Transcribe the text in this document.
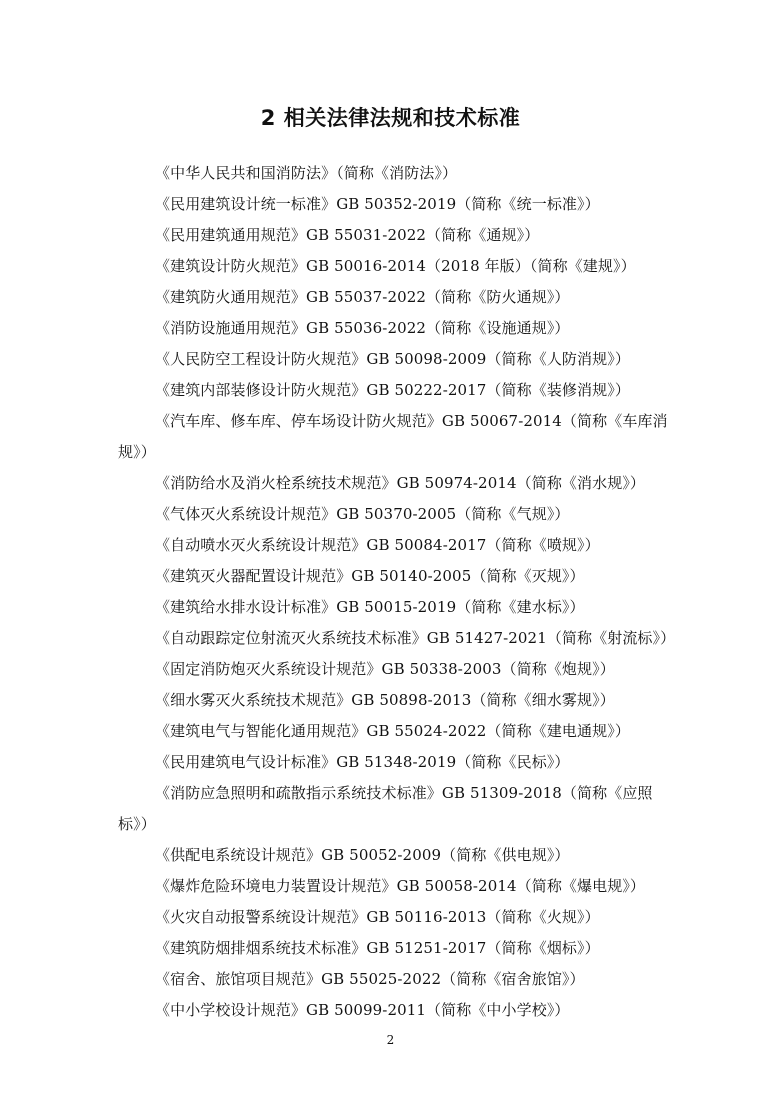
2 相关法律法规和技术标准
《中华人民共和国消防法》（简称《消防法》）
《民用建筑设计统一标准》GB 50352-2019（简称《统一标准》）
《民用建筑通用规范》GB 55031-2022（简称《通规》）
《建筑设计防火规范》GB 50016-2014（2018 年版）（简称《建规》）
《建筑防火通用规范》GB 55037-2022（简称《防火通规》）
《消防设施通用规范》GB 55036-2022（简称《设施通规》）
《人民防空工程设计防火规范》GB 50098-2009（简称《人防消规》）
《建筑内部装修设计防火规范》GB 50222-2017（简称《装修消规》）
《汽车库、修车库、停车场设计防火规范》GB 50067-2014（简称《车库消规》）
《消防给水及消火栓系统技术规范》GB 50974-2014（简称《消水规》）
《气体灭火系统设计规范》GB 50370-2005（简称《气规》）
《自动喷水灭火系统设计规范》GB 50084-2017（简称《喷规》）
《建筑灭火器配置设计规范》GB 50140-2005（简称《灭规》）
《建筑给水排水设计标准》GB 50015-2019（简称《建水标》）
《自动跟踪定位射流灭火系统技术标准》GB 51427-2021（简称《射流标》）
《固定消防炮灭火系统设计规范》GB 50338-2003（简称《炮规》）
《细水雾灭火系统技术规范》GB 50898-2013（简称《细水雾规》）
《建筑电气与智能化通用规范》GB 55024-2022（简称《建电通规》）
《民用建筑电气设计标准》GB 51348-2019（简称《民标》）
《消防应急照明和疏散指示系统技术标准》GB 51309-2018（简称《应照标》）
《供配电系统设计规范》GB 50052-2009（简称《供电规》）
《爆炸危险环境电力装置设计规范》GB 50058-2014（简称《爆电规》）
《火灾自动报警系统设计规范》GB 50116-2013（简称《火规》）
《建筑防烟排烟系统技术标准》GB 51251-2017（简称《烟标》）
《宿舍、旅馆项目规范》GB 55025-2022（简称《宿舍旅馆》）
《中小学校设计规范》GB 50099-2011（简称《中小学校》）
2
